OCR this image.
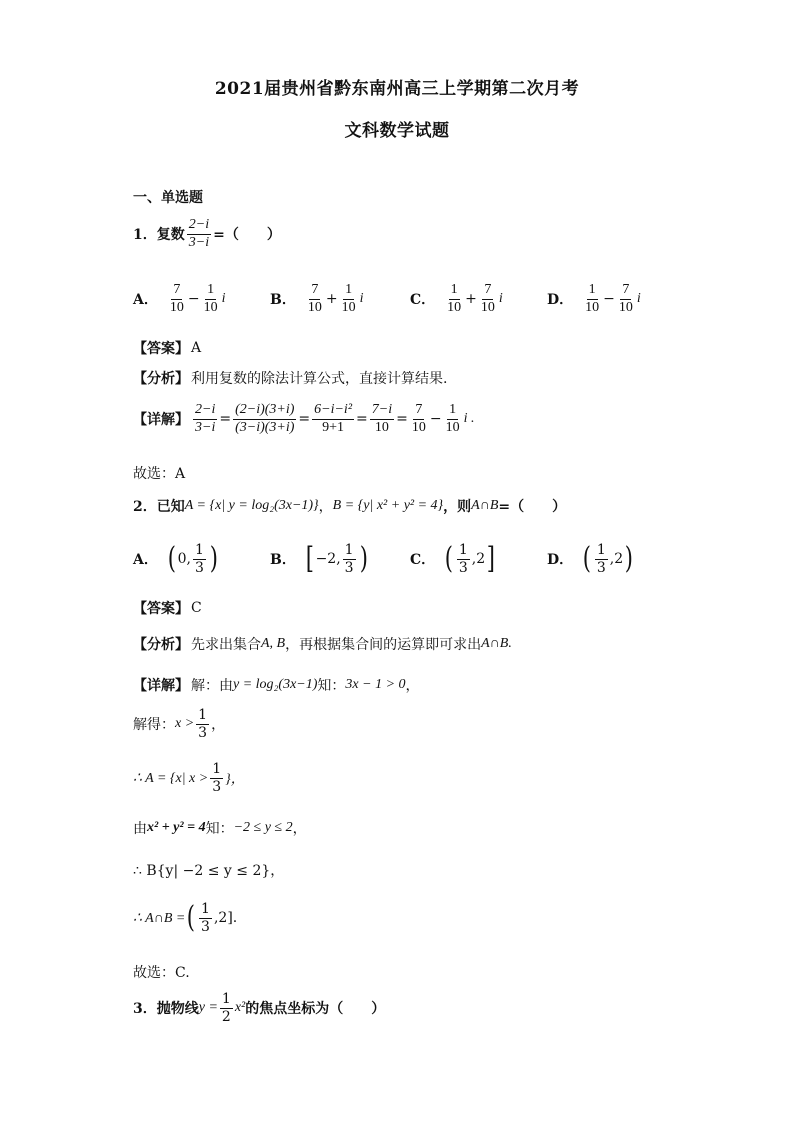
2021届贵州省黔东南州高三上学期第二次月考
文科数学试题
一、单选题
1． 复数 $\frac{2-i}{3-i}$ =（　　）
A． $\frac{7}{10} - \frac{1}{10}$ i	B． $\frac{7}{10} + \frac{1}{10}$ i	C． $\frac{1}{10} + \frac{7}{10}$ i	D． $\frac{1}{10} - \frac{7}{10}$ i
【答案】 A
【分析】 利用复数的除法计算公式，直接计算结果.
【详解】 $\frac{2-i}{3-i} = \frac{(2-i)(3+i)}{(3-i)(3+i)} = \frac{\text{6−i−i²}}{9+1} = \frac{7-i}{10} = \frac{7}{10} - \frac{1}{10}$ i .
故选：A
2． 已知 A = {x| y = log₂(3x−1)} ， B = {y| x² + y² = 4} ，则 A∩B =（　　）
A． ( 0, $\frac{1}{3}$ )	B． [ −2, $\frac{1}{3}$ )	C． ( $\frac{1}{3} ,2$ ]	D． ( $\frac{1}{3} ,2$ )
【答案】 C
【分析】 先求出集合 A, B ，再根据集合间的运算即可求出 A∩B.
【详解】 解：由 y = log₂(3x−1) 知： 3x − 1 > 0 ，
解得： $x > \frac{1}{3}$ ，
∴ A = {x| $x > \frac{1}{3}$ }，
由 x² + y² = 4 知： −2 ≤ y ≤ 2 ，
∴ B{y| −2 ≤ y ≤ 2}，
∴ A∩B = ( $\frac{1}{3} ,2$].
故选：C.
3． 抛物线 $y = \frac{1}{2} x^2$ 的焦点坐标为（　　）
